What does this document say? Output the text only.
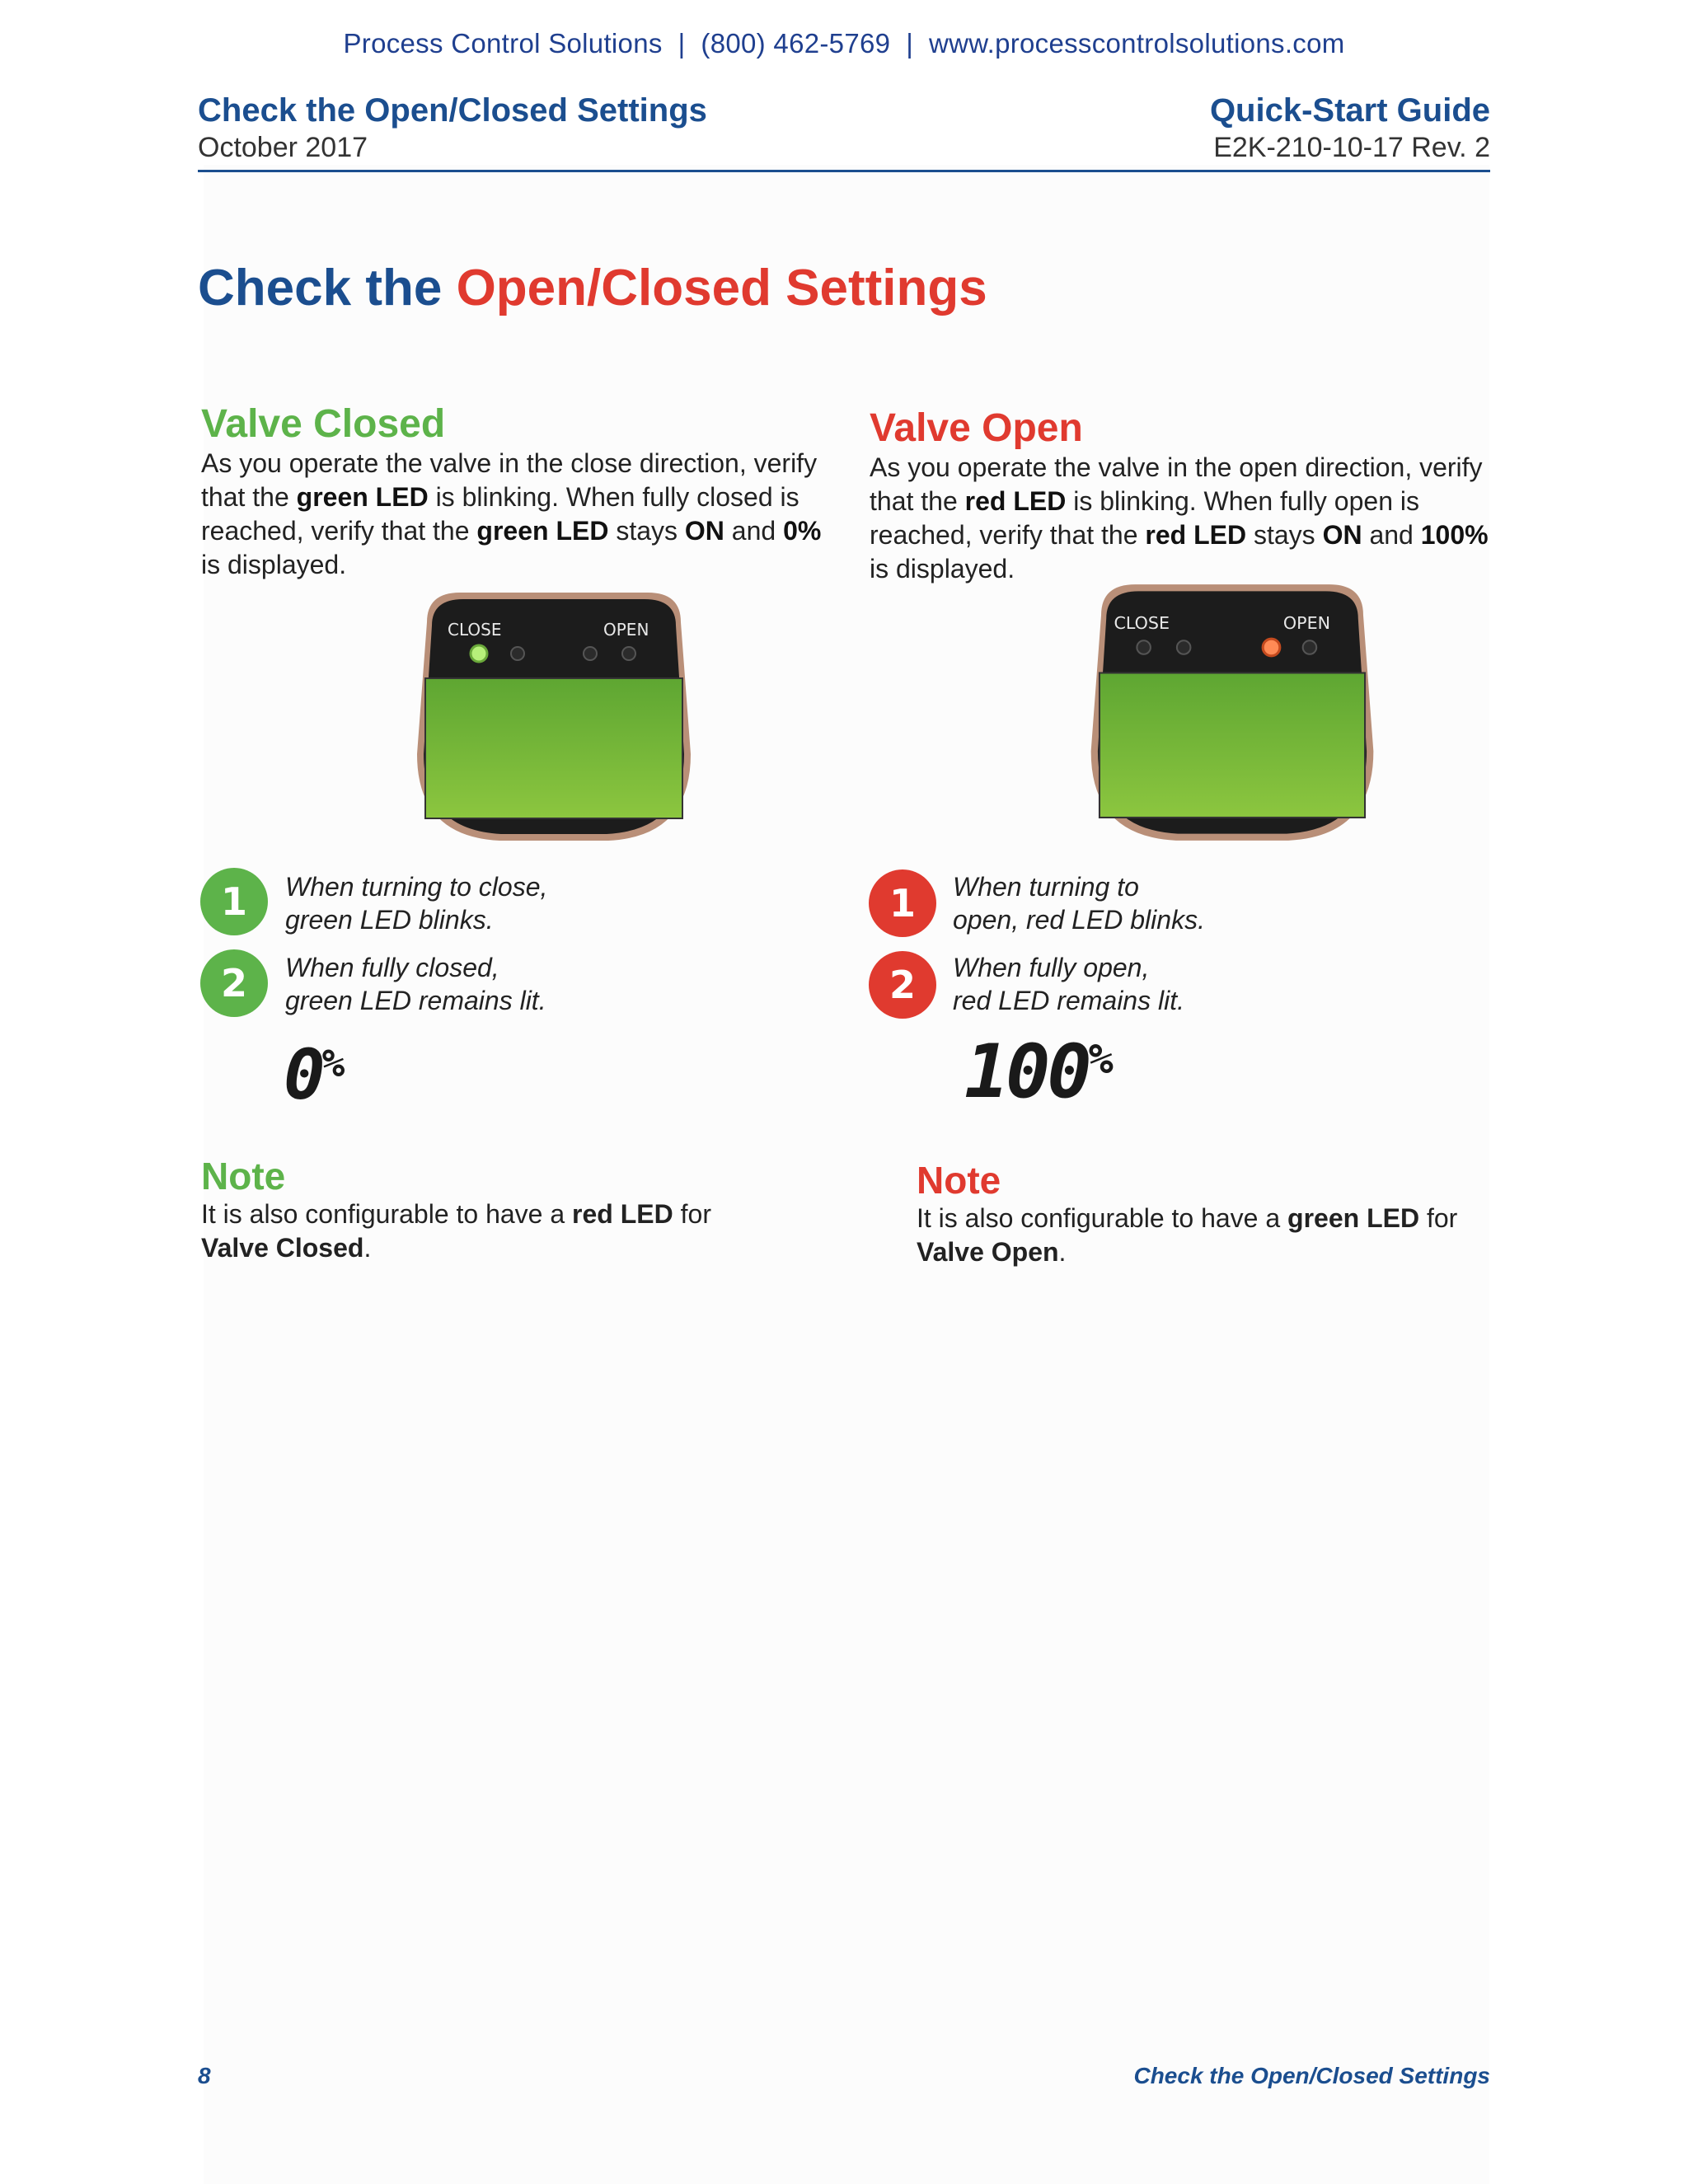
Process Control Solutions  |  (800) 462-5769  |  www.processcontrolsolutions.com
Check the Open/Closed Settings
October 2017
Quick-Start Guide
E2K-210-10-17 Rev. 2
Check the Open/Closed Settings
Valve Closed
As you operate the valve in the close direction, verify that the green LED is blinking. When fully closed is reached, verify that the green LED stays ON and 0% is displayed.
CLOSE	OPEN
1	When turning to close,
green LED blinks.
2	When fully closed,
green LED remains lit.
0%
Note
It is also configurable to have a red LED for Valve Closed.
Valve Open
As you operate the valve in the open direction, verify that the red LED is blinking. When fully open is reached, verify that the red LED stays ON and 100% is displayed.
CLOSE	OPEN
1	When turning to
open, red LED blinks.
2	When fully open,
red LED remains lit.
100%
Note
It is also configurable to have a green LED for Valve Open.
8	Check the Open/Closed Settings
